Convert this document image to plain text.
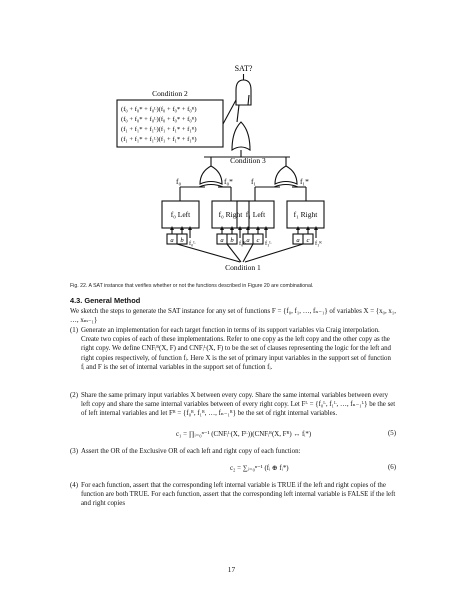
SAT?
Condition 2
(f₀ + f₀* + f₀ᴸ)(f₀ + f₀* + f₀ᴿ)
(f₀ + f₀* + f₀ᴸ)(f₀ + f₀* + f₀ᴿ)
(f₁ + f₁* + f₁ᴸ)(f₁ + f₁* + f₁ᴿ)
(f₁ + f₁* + f₁ᴸ)(f₁ + f₁* + f₁ᴿ)
Condition 3
f₀	f₀* f₁	f₁*
f₀ Left	f₀ Right f₁ Left	f₁ Right
a b	a b a c	a c
f₀ᴸ	f₀ᴿ	f₁ᴸ	f₁ᴿ
Condition 1
Fig. 22. A SAT instance that verifies whether or not the functions described in Figure 20 are combinational.
4.3. General Method
We sketch the steps to generate the SAT instance for any set of functions F = {f₀, f₁, …, fₙ₋₁} of variables X = {x₀, x₁, …, xₘ₋₁}
(1) Generate an implementation for each target function in terms of its support variables via Craig interpolation. Create two copies of each of these implementations. Refer to one copy as the left copy and the other copy as the right copy. We define CNFᵢᴿ(X, F) and CNFᵢᴸ(X, F) to be the set of clauses representing the logic for the left and right copies respectively, of function fᵢ. Here X is the set of primary input variables in the support set of function fᵢ and F is the set of internal variables in the support set of function fᵢ.
(2) Share the same primary input variables X between every copy. Share the same internal variables between every left copy and share the same internal variables between of every right copy. Let Fᴸ = {f₀ᴸ, f₁ᴸ, …, fₙ₋₁ᴸ} be the set of left internal variables and let Fᴿ = {f₀ᴿ, f₁ᴿ, …, fₙ₋₁ᴿ} be the set of right internal variables.
c₁ = ∏ᵢ₌₀ⁿ⁻¹ (CNFᵢᴸ(X, Fᴸ))(CNFᵢᴿ(X, Fᴿ) ↔ fᵢ*)	(5)
(3) Assert the OR of the Exclusive OR of each left and right copy of each function:
c₂ = ∑ᵢ₌₀ⁿ⁻¹ (fᵢ ⊕ fᵢ*)	(6)
(4) For each function, assert that the corresponding left internal variable is TRUE if the left and right copies of the function are both TRUE. For each function, assert that the corresponding left internal variable is FALSE if the left and right copies
17
